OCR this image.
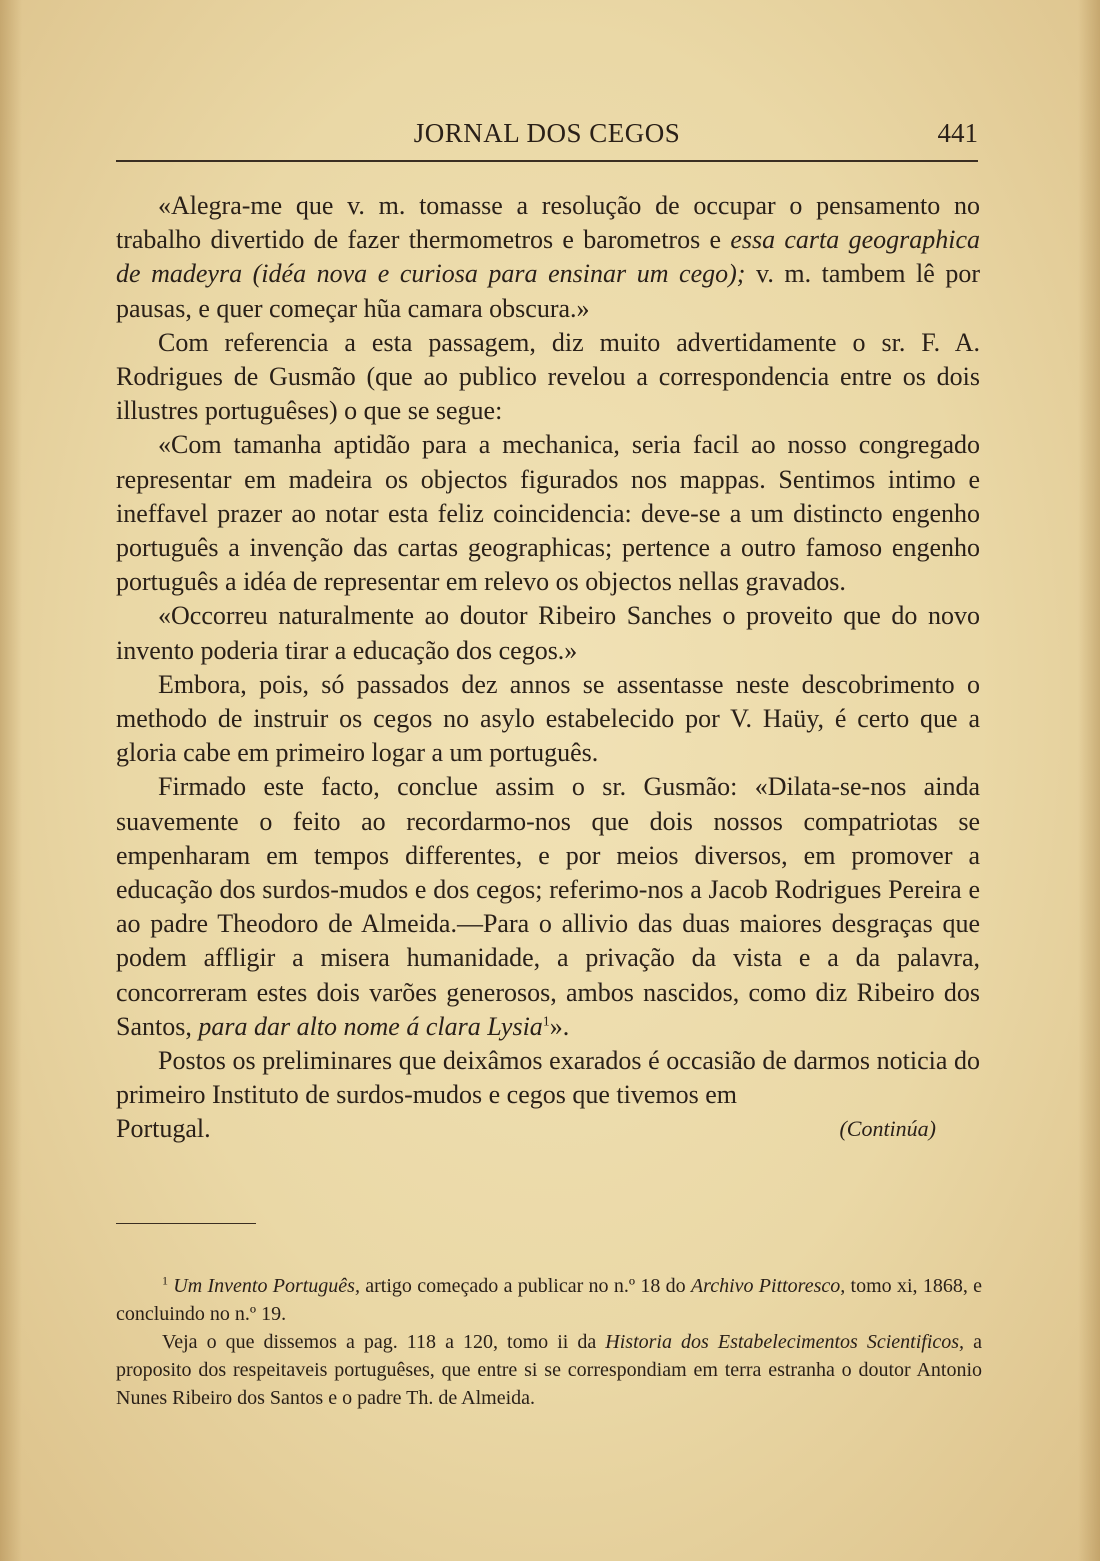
JORNAL DOS CEGOS	441

«Alegra-me que v. m. tomasse a resolução de occupar o pensamento no trabalho divertido de fazer thermometros e barometros e essa carta geographica de madeyra (idéa nova e curiosa para ensinar um cego); v. m. tambem lê por pausas, e quer começar hũa camara obscura.»

Com referencia a esta passagem, diz muito advertidamente o sr. F. A. Rodrigues de Gusmão (que ao publico revelou a correspondencia entre os dois illustres portuguêses) o que se segue:

«Com tamanha aptidão para a mechanica, seria facil ao nosso congregado representar em madeira os objectos figurados nos mappas. Sentimos intimo e ineffavel prazer ao notar esta feliz coincidencia: deve-se a um distincto engenho português a invenção das cartas geographicas; pertence a outro famoso engenho português a idéa de representar em relevo os objectos nellas gravados.

«Occorreu naturalmente ao doutor Ribeiro Sanches o proveito que do novo invento poderia tirar a educação dos cegos.»

Embora, pois, só passados dez annos se assentasse neste descobrimento o methodo de instruir os cegos no asylo estabelecido por V. Haüy, é certo que a gloria cabe em primeiro logar a um português.

Firmado este facto, conclue assim o sr. Gusmão: «Dilata-se-nos ainda suavemente o feito ao recordarmo-nos que dois nossos compatriotas se empenharam em tempos differentes, e por meios diversos, em promover a educação dos surdos-mudos e dos cegos; referimo-nos a Jacob Rodrigues Pereira e ao padre Theodoro de Almeida.—Para o allivio das duas maiores desgraças que podem affligir a misera humanidade, a privação da vista e a da palavra, concorreram estes dois varões generosos, ambos nascidos, como diz Ribeiro dos Santos, para dar alto nome á clara Lysia$^1$».

Postos os preliminares que deixâmos exarados é occasião de darmos noticia do primeiro Instituto de surdos-mudos e cegos que tivemos em

Portugal.	(Continúa)

$^1$ Um Invento Português, artigo começado a publicar no n.º 18 do Archivo Pittoresco, tomo xi, 1868, e concluindo no n.º 19.

Veja o que dissemos a pag. 118 a 120, tomo ii da Historia dos Estabelecimentos Scientificos, a proposito dos respeitaveis portuguêses, que entre si se correspondiam em terra estranha o doutor Antonio Nunes Ribeiro dos Santos e o padre Th. de Almeida.
